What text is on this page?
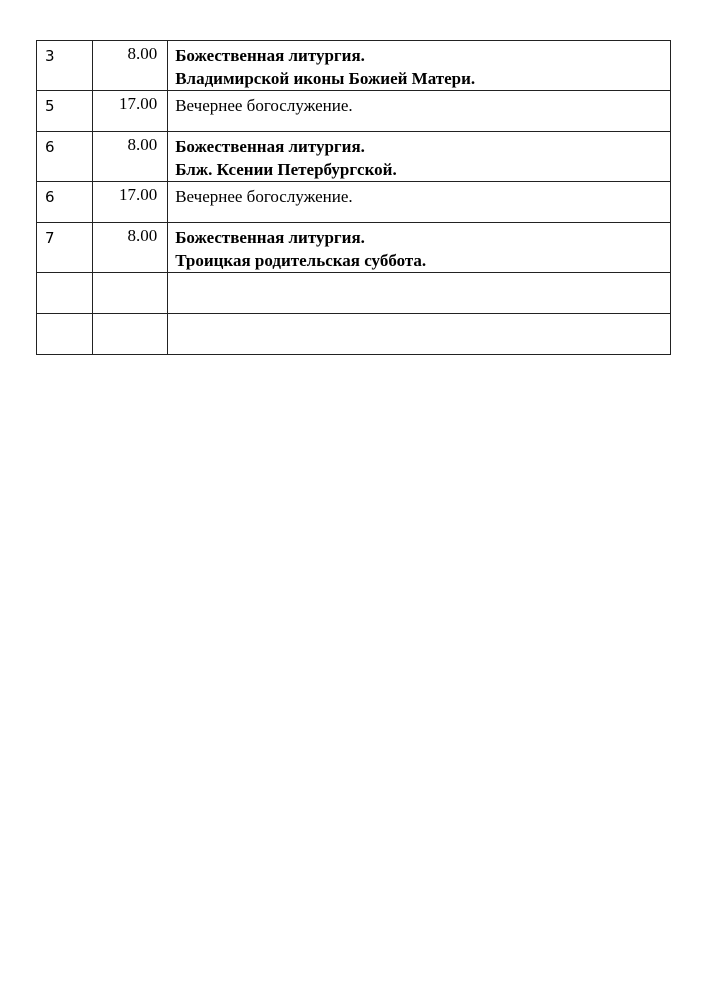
3	8.00	Божественная литургия.
Владимирской иконы Божией Матери.

5	17.00	Вечернее богослужение.

6	8.00	Божественная литургия.
Блж. Ксении Петербургской.

6	17.00	Вечернее богослужение.

7	8.00	Божественная литургия.
Троицкая родительская суббота.
